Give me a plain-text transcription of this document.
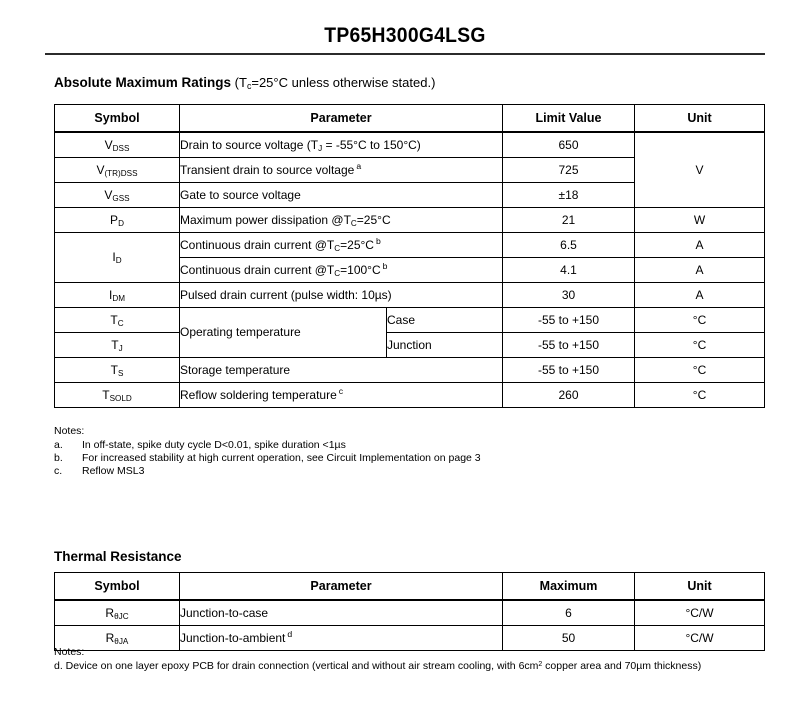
TP65H300G4LSG
Absolute Maximum Ratings ($T_c=25^\circ C$ unless otherwise stated.)
Symbol	Parameter		Limit Value	Unit
$V_{DSS}$	Drain to source voltage ($T_J = -55^\circ C$ to 150°C)		650	V
$V_{(TR)DSS}$	Transient drain to source voltage $^a$		725	
$V_{GSS}$	Gate to source voltage		±18	
$P_D$	Maximum power dissipation $@T_C=25^\circ C$		21	W
$I_D$	Continuous drain current $@T_C=25^\circ C$ $^b$		6.5	A
	Continuous drain current $@T_C=100^\circ C$ $^b$		4.1	A
$I_{DM}$	Pulsed drain current (pulse width: 10µs)		30	A
$T_C$	Operating temperature	Case	-55 to +150	°C
$T_J$		Junction	-55 to +150	°C
$T_S$	Storage temperature		-55 to +150	°C
$T_{SOLD}$	Reflow soldering temperature $^c$		260	°C
Notes:
a. In off-state, spike duty cycle D<0.01, spike duration <1µs
b. For increased stability at high current operation, see Circuit Implementation on page 3
c. Reflow MSL3
Thermal Resistance
Symbol	Parameter	Maximum	Unit
$R_{\theta JC}$	Junction-to-case	6	°C/W
$R_{\theta JA}$	Junction-to-ambient $^d$	50	°C/W
Notes:
d. Device on one layer epoxy PCB for drain connection (vertical and without air stream cooling, with $6cm^2$ copper area and 70µm thickness)
